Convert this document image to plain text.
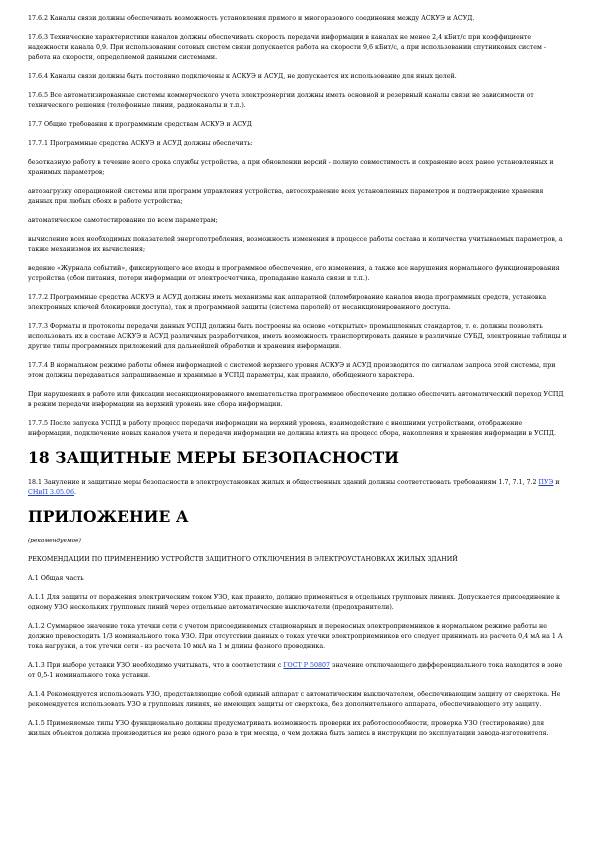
17.6.2 Каналы связи должны обеспечивать возможность установления прямого и многоразового соединения между АСКУЭ и АСУД.

17.6.3 Технические характеристики каналов должны обеспечивать скорость передачи информации в каналах не менее 2,4 кБит/с при коэффициенте надежности канала 0,9. При использовании сотовых систем связи допускается работа на скорости 9,6 кБит/с, а при использовании спутниковых систем - работа на скорости, определяемой данными системами.

17.6.4 Каналы связи должны быть постоянно подключены к АСКУЭ и АСУД, не допускается их использование для иных целей.

17.6.5 Все автоматизированные системы коммерческого учета электроэнергии должны иметь основной и резервный каналы связи не зависимости от технического решения (телефонные линии, радиоканалы и т.п.).

17.7 Общие требования к программным средствам АСКУЭ и АСУД

17.7.1 Программные средства АСКУЭ и АСУД должны обеспечить:

безотказную работу в течение всего срока службы устройства, а при обновлении версий - полную совместимость и сохранение всех ранее установленных и хранимых параметров;

автозагрузку операционной системы или программ управления устройства, автосохранение всех установленных параметров и подтверждение хранения данных при любых сбоях в работе устройства;

автоматическое самотестирование по всем параметрам;

вычисление всех необходимых показателей энергопотребления, возможность изменения в процессе работы состава и количества учитываемых параметров, а также механизмов их вычисления;

ведение «Журнала событий», фиксирующего все входы в программное обеспечение, его изменения, а также все нарушения нормального функционирования устройства (сбои питания, потери информации от электросчетчика, пропадание канала связи и т.п.).

17.7.2 Программные средства АСКУЭ и АСУД должны иметь механизмы как аппаратной (пломбирование каналов ввода программных средств, установка электронных ключей блокировки доступа), так и программной защиты (система паролей) от несанкционированного доступа.

17.7.3 Форматы и протоколы передачи данных УСПД должны быть построены на основе «открытых» промышленных стандартов, т. е. должны позволять использовать их в составе АСКУЭ и АСУД различных разработчиков, иметь возможность транспортировать данные в различные СУБД, электронные таблицы и другие типы программных приложений для дальнейшей обработки и хранения информации.

17.7.4 В нормальном режиме работы обмен информацией с системой верхнего уровня АСКУЭ и АСУД производится по сигналам запроса этой системы, при этом должны передаваться запрашиваемые и хранимые в УСПД параметры, как правило, обобщенного характера.

При нарушениях в работе или фиксации несанкционированного вмешательства программное обеспечение должно обеспечить автоматический переход УСПД в режим передачи информации на верхний уровень вне сбора информации.

17.7.5 После запуска УСПД в работу процесс передачи информации на верхний уровень, взаимодействие с внешними устройствами, отображение информации, подключение новых каналов учета и передачи информации не должны влиять на процесс сбора, накопления и хранения информации в УСПД.

18 ЗАЩИТНЫЕ МЕРЫ БЕЗОПАСНОСТИ

18.1 Зануление и защитные меры безопасности в электроустановках жилых и общественных зданий должны соответствовать требованиям 1.7, 7.1, 7.2 ПУЭ и СНиП 3.05.06.

ПРИЛОЖЕНИЕ А

(рекомендуемое)

РЕКОМЕНДАЦИИ ПО ПРИМЕНЕНИЮ УСТРОЙСТВ ЗАЩИТНОГО ОТКЛЮЧЕНИЯ В ЭЛЕКТРОУСТАНОВКАХ ЖИЛЫХ ЗДАНИЙ

А.1 Общая часть

А.1.1 Для защиты от поражения электрическим током УЗО, как правило, должно применяться в отдельных групповых линиях. Допускается присоединение к одному УЗО нескольких групповых линий через отдельные автоматические выключатели (предохранители).

А.1.2 Суммарное значение тока утечки сети с учетом присоединяемых стационарных и переносных электроприемников в нормальном режиме работы не должно превосходить 1/3 номинального тока УЗО. При отсутствии данных о токах утечки электроприемников его следует принимать из расчета 0,4 мА на 1 А тока нагрузки, а ток утечки сети - из расчета 10 мкА на 1 м длины фазного проводника.

А.1.3 При выборе уставки УЗО необходимо учитывать, что в соответствии с ГОСТ Р 50807 значение отключающего дифференциального тока находится в зоне от 0,5-1 номинального тока уставки.

А.1.4 Рекомендуется использовать УЗО, представляющие собой единый аппарат с автоматическим выключателем, обеспечивающим защиту от сверхтока. Не рекомендуется использовать УЗО в групповых линиях, не имеющих защиты от сверхтока, без дополнительного аппарата, обеспечивающего эту защиту.

А.1.5 Применяемые типы УЗО функционально должны предусматривать возможность проверки их работоспособности, проверка УЗО (тестирование) для жилых объектов должна производиться не реже одного раза в три месяца, о чем должна быть запись в инструкции по эксплуатации завода-изготовителя.
